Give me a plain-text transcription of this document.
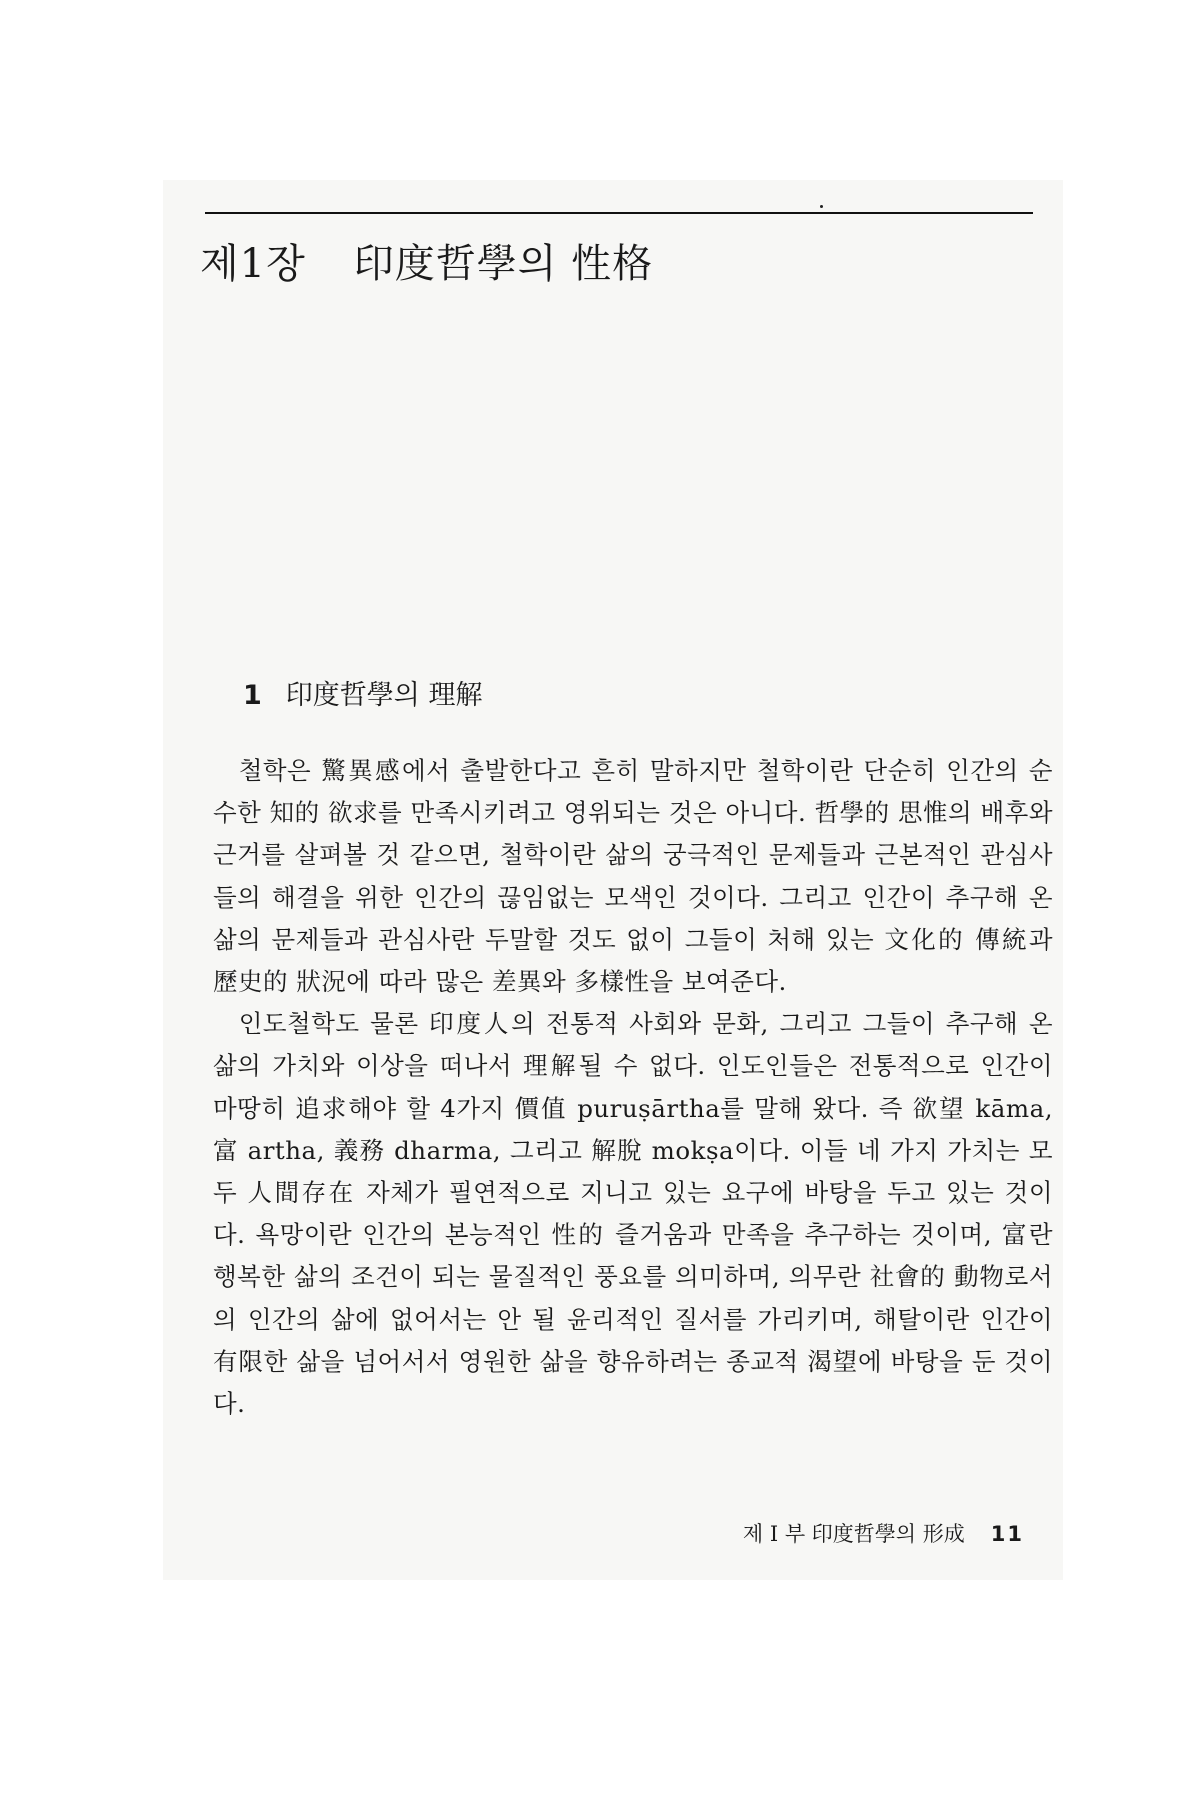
제1장 印度哲學의 性格
1 印度哲學의 理解

철학은 驚異感에서 출발한다고 흔히 말하지만 철학이란 단순히 인간의 순수한 知的 欲求를 만족시키려고 영위되는 것은 아니다. 哲學的 思惟의 배후와 근거를 살펴볼 것 같으면, 철학이란 삶의 궁극적인 문제들과 근본적인 관심사들의 해결을 위한 인간의 끊임없는 모색인 것이다. 그리고 인간이 추구해 온 삶의 문제들과 관심사란 두말할 것도 없이 그들이 처해 있는 文化的 傳統과 歷史的 狀況에 따라 많은 差異와 多樣性을 보여준다.

인도철학도 물론 印度人의 전통적 사회와 문화, 그리고 그들이 추구해 온 삶의 가치와 이상을 떠나서 理解될 수 없다. 인도인들은 전통적으로 인간이 마땅히 追求해야 할 4가지 價值 puruṣārtha를 말해 왔다. 즉 欲望 kāma, 富 artha, 義務 dharma, 그리고 解脫 mokṣa이다. 이들 네 가지 가치는 모두 人間存在 자체가 필연적으로 지니고 있는 요구에 바탕을 두고 있는 것이다. 욕망이란 인간의 본능적인 性的 즐거움과 만족을 추구하는 것이며, 富란 행복한 삶의 조건이 되는 물질적인 풍요를 의미하며, 의무란 社會的 動物로서의 인간의 삶에 없어서는 안 될 윤리적인 질서를 가리키며, 해탈이란 인간이 有限한 삶을 넘어서서 영원한 삶을 향유하려는 종교적 渴望에 바탕을 둔 것이다.

제 I 부 印度哲學의 形成 11
